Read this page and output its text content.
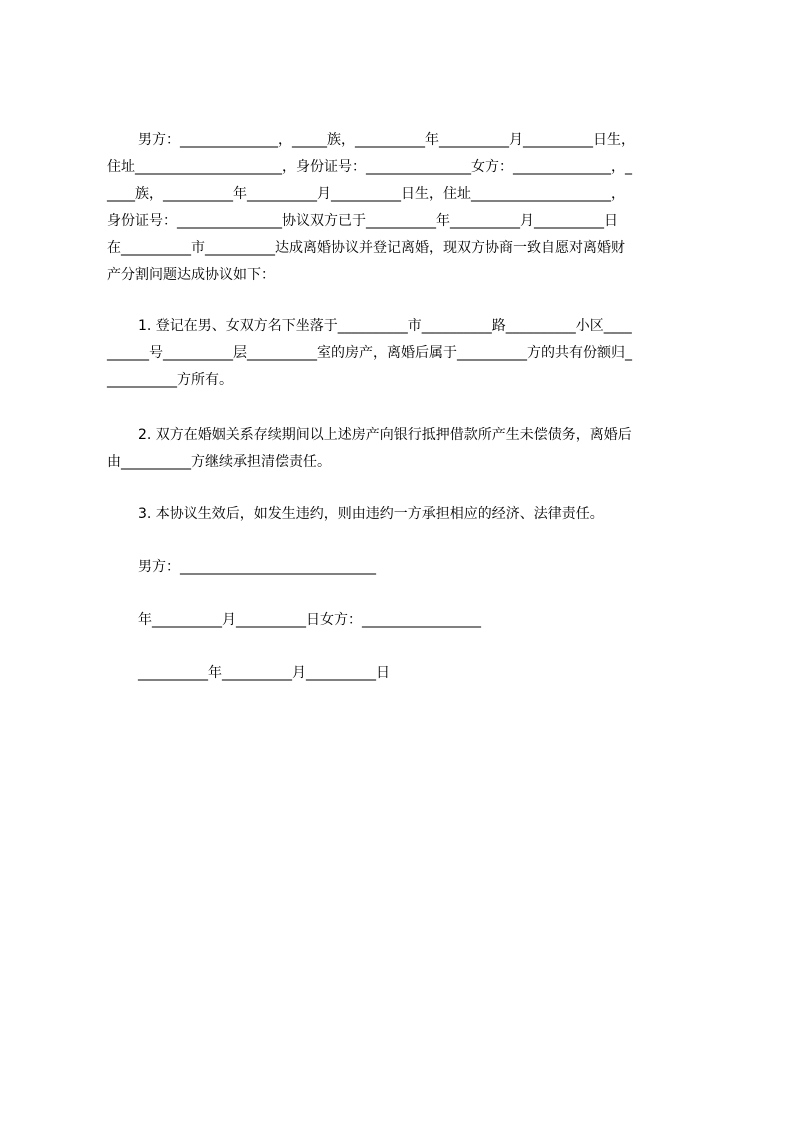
男方：______________，_____族，__________年__________月__________日生，

住址_____________________，身份证号：_______________女方：______________，_

____族，__________年__________月__________日生，住址____________________，

身份证号：_______________协议双方已于__________年__________月__________日

在__________市__________达成离婚协议并登记离婚，现双方协商一致自愿对离婚财

产分割问题达成协议如下：

1. 登记在男、女双方名下坐落于__________市__________路__________小区____

______号__________层__________室的房产，离婚后属于__________方的共有份额归_

__________方所有。

2. 双方在婚姻关系存续期间以上述房产向银行抵押借款所产生未偿债务，离婚后

由__________方继续承担清偿责任。

3. 本协议生效后，如发生违约，则由违约一方承担相应的经济、法律责任。

男方：____________________________

年__________月__________日女方：_________________

__________年__________月__________日
